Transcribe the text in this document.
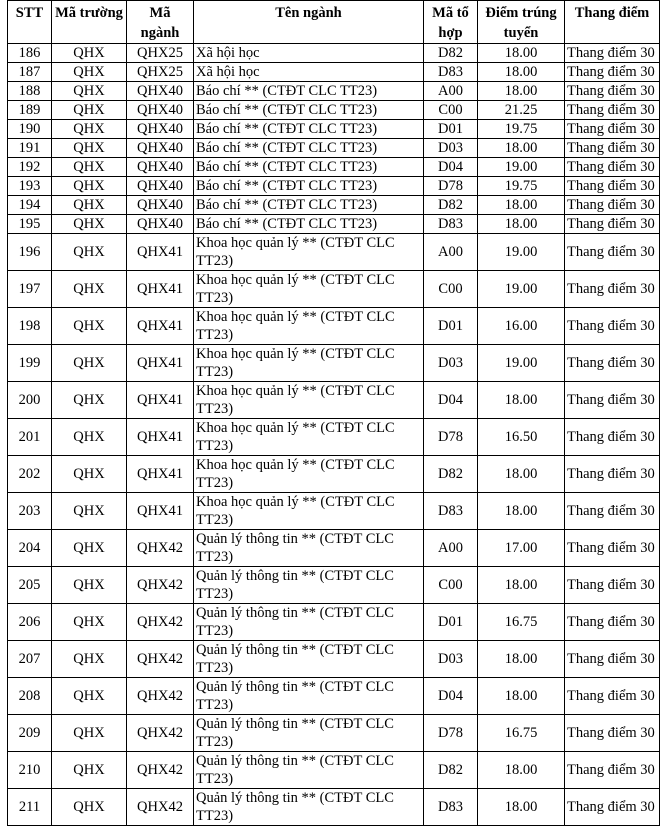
STT	Mã trường	Mã ngành	Tên ngành	Mã tổ hợp	Điểm trúng tuyển	Thang điểm
186	QHX	QHX25	Xã hội học	D82	18.00	Thang điểm 30
187	QHX	QHX25	Xã hội học	D83	18.00	Thang điểm 30
188	QHX	QHX40	Báo chí ** (CTĐT CLC TT23)	A00	18.00	Thang điểm 30
189	QHX	QHX40	Báo chí ** (CTĐT CLC TT23)	C00	21.25	Thang điểm 30
190	QHX	QHX40	Báo chí ** (CTĐT CLC TT23)	D01	19.75	Thang điểm 30
191	QHX	QHX40	Báo chí ** (CTĐT CLC TT23)	D03	18.00	Thang điểm 30
192	QHX	QHX40	Báo chí ** (CTĐT CLC TT23)	D04	19.00	Thang điểm 30
193	QHX	QHX40	Báo chí ** (CTĐT CLC TT23)	D78	19.75	Thang điểm 30
194	QHX	QHX40	Báo chí ** (CTĐT CLC TT23)	D82	18.00	Thang điểm 30
195	QHX	QHX40	Báo chí ** (CTĐT CLC TT23)	D83	18.00	Thang điểm 30
196	QHX	QHX41	Khoa học quản lý ** (CTĐT CLC TT23)	A00	19.00	Thang điểm 30
197	QHX	QHX41	Khoa học quản lý ** (CTĐT CLC TT23)	C00	19.00	Thang điểm 30
198	QHX	QHX41	Khoa học quản lý ** (CTĐT CLC TT23)	D01	16.00	Thang điểm 30
199	QHX	QHX41	Khoa học quản lý ** (CTĐT CLC TT23)	D03	19.00	Thang điểm 30
200	QHX	QHX41	Khoa học quản lý ** (CTĐT CLC TT23)	D04	18.00	Thang điểm 30
201	QHX	QHX41	Khoa học quản lý ** (CTĐT CLC TT23)	D78	16.50	Thang điểm 30
202	QHX	QHX41	Khoa học quản lý ** (CTĐT CLC TT23)	D82	18.00	Thang điểm 30
203	QHX	QHX41	Khoa học quản lý ** (CTĐT CLC TT23)	D83	18.00	Thang điểm 30
204	QHX	QHX42	Quản lý thông tin ** (CTĐT CLC TT23)	A00	17.00	Thang điểm 30
205	QHX	QHX42	Quản lý thông tin ** (CTĐT CLC TT23)	C00	18.00	Thang điểm 30
206	QHX	QHX42	Quản lý thông tin ** (CTĐT CLC TT23)	D01	16.75	Thang điểm 30
207	QHX	QHX42	Quản lý thông tin ** (CTĐT CLC TT23)	D03	18.00	Thang điểm 30
208	QHX	QHX42	Quản lý thông tin ** (CTĐT CLC TT23)	D04	18.00	Thang điểm 30
209	QHX	QHX42	Quản lý thông tin ** (CTĐT CLC TT23)	D78	16.75	Thang điểm 30
210	QHX	QHX42	Quản lý thông tin ** (CTĐT CLC TT23)	D82	18.00	Thang điểm 30
211	QHX	QHX42	Quản lý thông tin ** (CTĐT CLC TT23)	D83	18.00	Thang điểm 30
